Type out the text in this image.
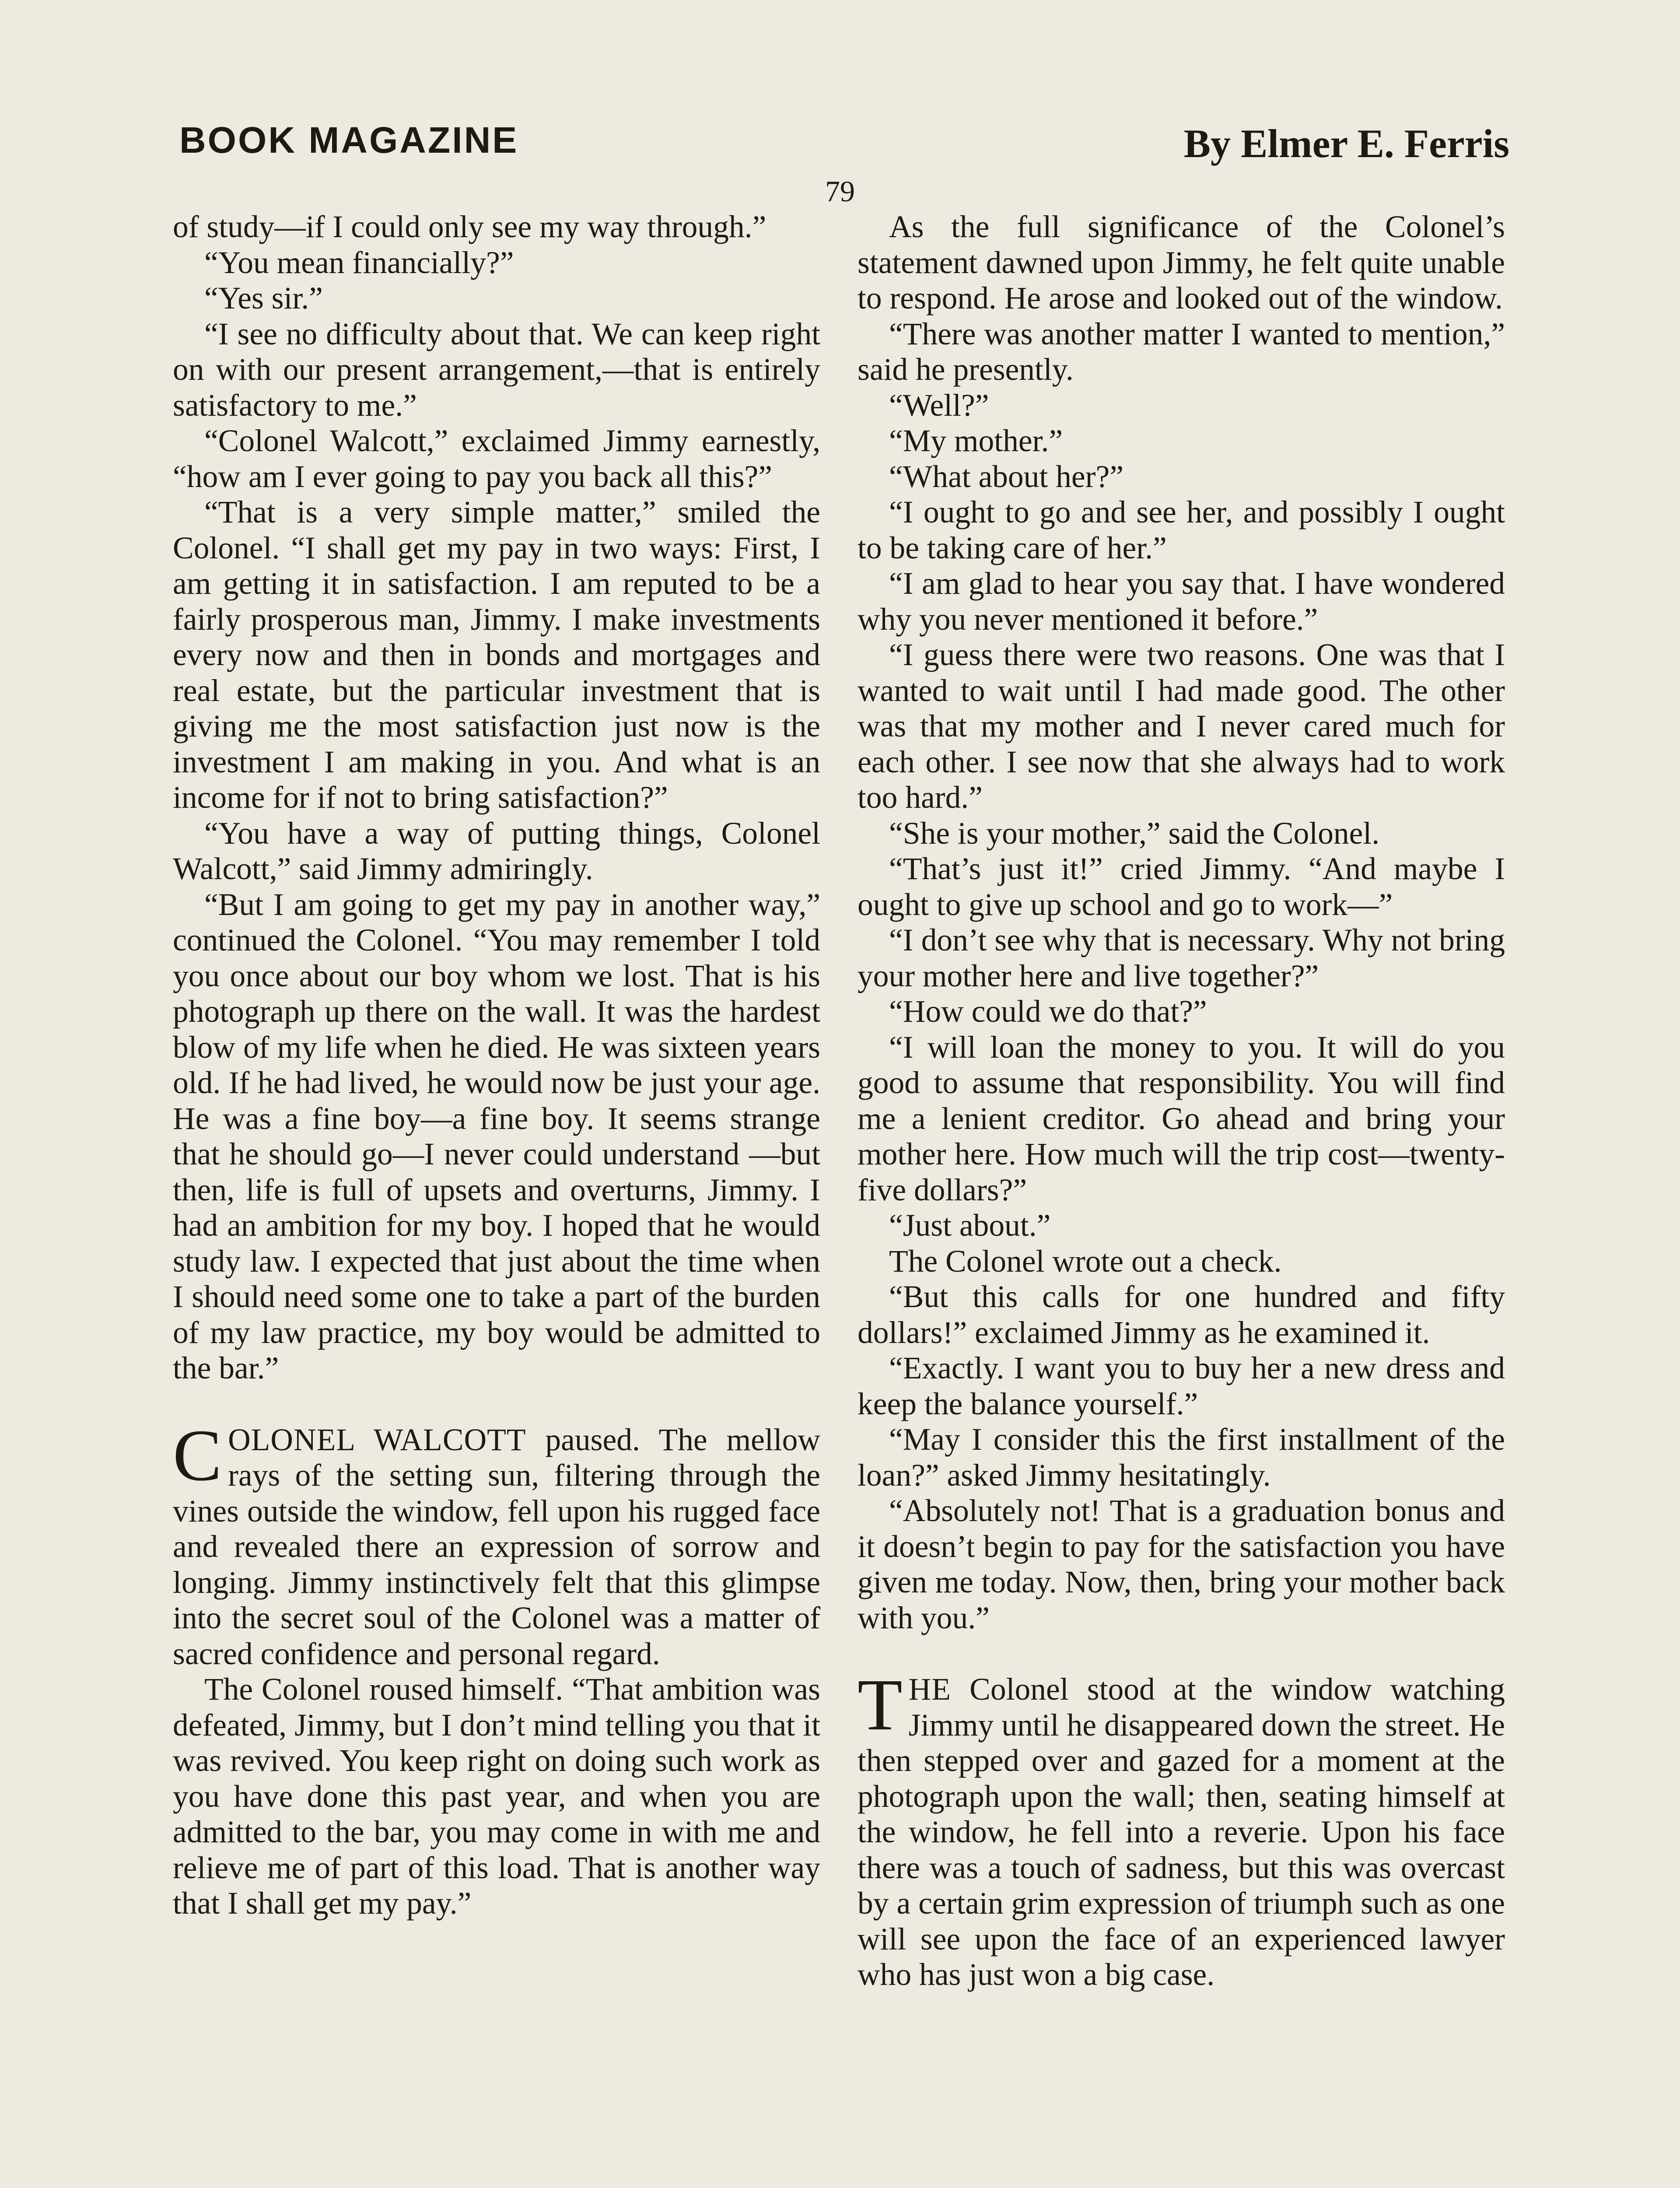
BOOK MAGAZINE	By Elmer E. Ferris
79

of study—if I could only see my way through.”

“You mean financially?”

“Yes sir.”

“I see no difficulty about that. We can keep right on with our present arrangement,—that is entirely satisfactory to me.”

“Colonel Walcott,” exclaimed Jimmy earnestly, “how am I ever going to pay you back all this?”

“That is a very simple matter,” smiled the Colonel. “I shall get my pay in two ways: First, I am getting it in satisfaction. I am reputed to be a fairly prosperous man, Jimmy. I make investments every now and then in bonds and mortgages and real estate, but the particular investment that is giving me the most satisfaction just now is the investment I am making in you. And what is an income for if not to bring satisfaction?”

“You have a way of putting things, Colonel Walcott,” said Jimmy admiringly.

“But I am going to get my pay in another way,” continued the Colonel. “You may remember I told you once about our boy whom we lost. That is his photograph up there on the wall. It was the hardest blow of my life when he died. He was sixteen years old. If he had lived, he would now be just your age. He was a fine boy—a fine boy. It seems strange that he should go—I never could understand —but then, life is full of upsets and overturns, Jimmy. I had an ambition for my boy. I hoped that he would study law. I expected that just about the time when I should need some one to take a part of the burden of my law practice, my boy would be admitted to the bar.”

COLONEL WALCOTT paused. The mellow rays of the setting sun, filtering through the vines outside the window, fell upon his rugged face and revealed there an expression of sorrow and longing. Jimmy instinctively felt that this glimpse into the secret soul of the Colonel was a matter of sacred confidence and personal regard.

The Colonel roused himself. “That ambition was defeated, Jimmy, but I don’t mind telling you that it was revived. You keep right on doing such work as you have done this past year, and when you are admitted to the bar, you may come in with me and relieve me of part of this load. That is another way that I shall get my pay.”

As the full significance of the Colonel’s statement dawned upon Jimmy, he felt quite unable to respond. He arose and looked out of the window.

“There was another matter I wanted to mention,” said he presently.

“Well?”

“My mother.”

“What about her?”

“I ought to go and see her, and possibly I ought to be taking care of her.”

“I am glad to hear you say that. I have wondered why you never mentioned it before.”

“I guess there were two reasons. One was that I wanted to wait until I had made good. The other was that my mother and I never cared much for each other. I see now that she always had to work too hard.”

“She is your mother,” said the Colonel.

“That’s just it!” cried Jimmy. “And maybe I ought to give up school and go to work—”

“I don’t see why that is necessary. Why not bring your mother here and live together?”

“How could we do that?”

“I will loan the money to you. It will do you good to assume that responsibility. You will find me a lenient creditor. Go ahead and bring your mother here. How much will the trip cost—twenty-five dollars?”

“Just about.”

The Colonel wrote out a check.

“But this calls for one hundred and fifty dollars!” exclaimed Jimmy as he examined it.

“Exactly. I want you to buy her a new dress and keep the balance yourself.”

“May I consider this the first installment of the loan?” asked Jimmy hesitatingly.

“Absolutely not! That is a graduation bonus and it doesn’t begin to pay for the satisfaction you have given me today. Now, then, bring your mother back with you.”

THE Colonel stood at the window watching Jimmy until he disappeared down the street. He then stepped over and gazed for a moment at the photograph upon the wall; then, seating himself at the window, he fell into a reverie. Upon his face there was a touch of sadness, but this was overcast by a certain grim expression of triumph such as one will see upon the face of an experienced lawyer who has just won a big case.
